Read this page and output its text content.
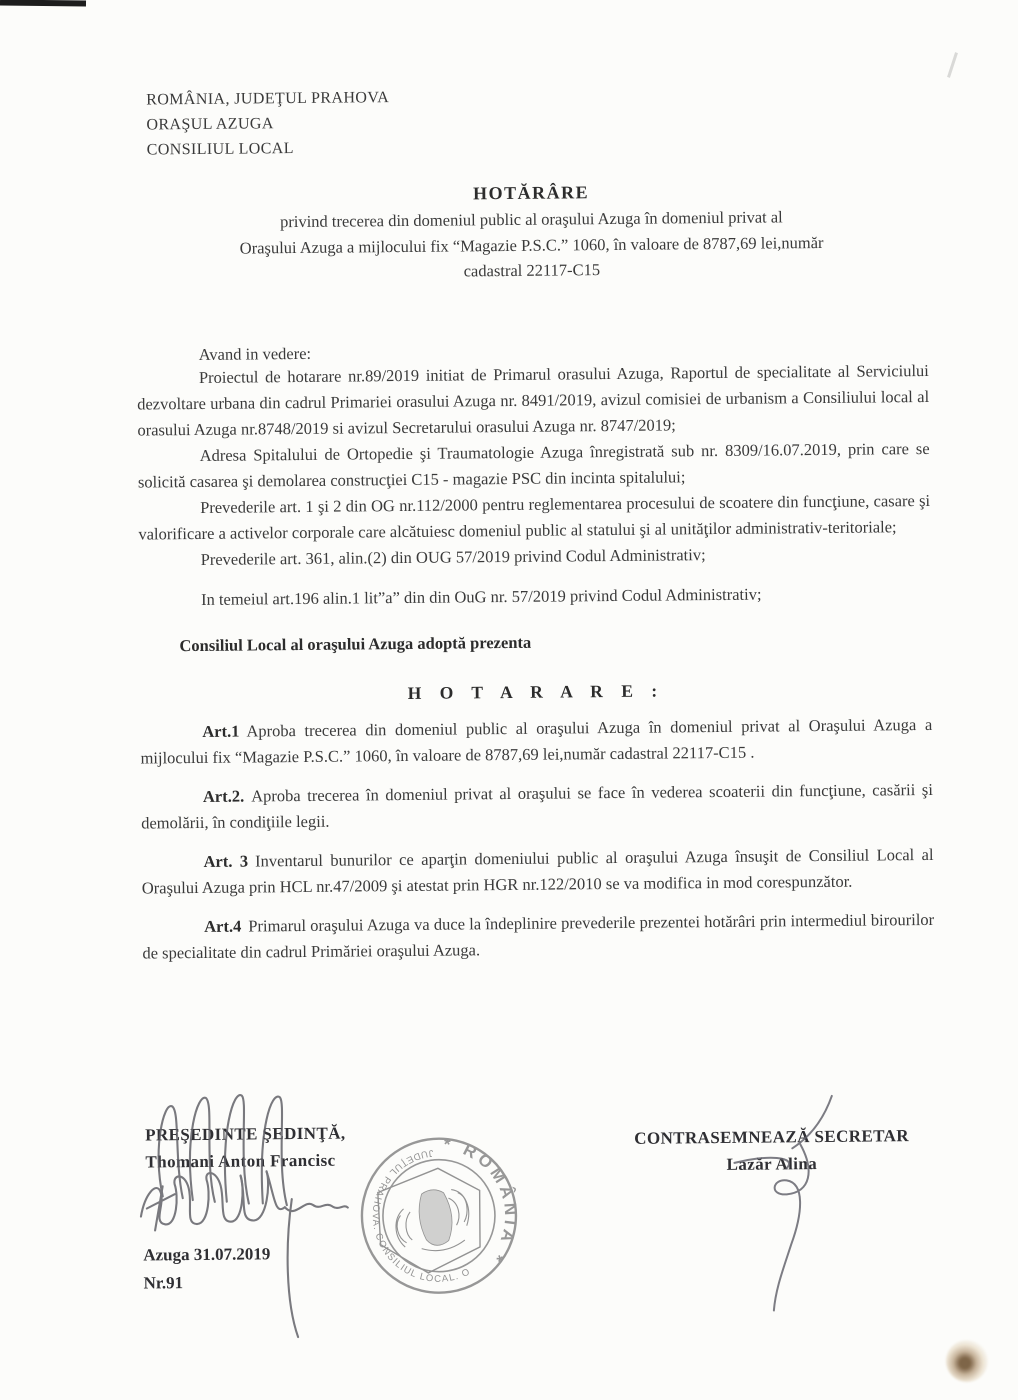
ROMÂNIA, JUDEŢUL PRAHOVA
ORAŞUL AZUGA
CONSILIUL LOCAL
HOTĂRÂRE
privind trecerea din domeniul public al oraşului Azuga în domeniul privat al
Oraşului Azuga a mijlocului fix “Magazie P.S.C.” 1060, în valoare de 8787,69 lei,număr
cadastral 22117-C15
Avand in vedere:

Proiectul de hotarare nr.89/2019 initiat de Primarul orasului Azuga, Raportul de specialitate al Serviciului dezvoltare urbana din cadrul Primariei orasului Azuga nr. 8491/2019, avizul comisiei de urbanism a Consiliului local al orasului Azuga nr.8748/2019 si avizul Secretarului orasului Azuga nr. 8747/2019;

Adresa Spitalului de Ortopedie şi Traumatologie Azuga înregistrată sub nr. 8309/16.07.2019, prin care se solicită casarea şi demolarea construcţiei C15 - magazie PSC din incinta spitalului;

Prevederile art. 1 şi 2 din OG nr.112/2000 pentru reglementarea procesului de scoatere din funcţiune, casare şi valorificare a activelor corporale care alcătuiesc domeniul public al statului şi al unităţilor administrativ-teritoriale;

Prevederile art. 361, alin.(2) din OUG 57/2019 privind Codul Administrativ;

In temeiul art.196 alin.1 lit”a” din din OuG nr. 57/2019 privind Codul Administrativ;

Consiliul Local al oraşului Azuga adoptă prezenta

H O T A R A R E :

Art.1 Aproba trecerea din domeniul public al oraşului Azuga în domeniul privat al Oraşului Azuga a mijlocului fix “Magazie P.S.C.” 1060, în valoare de 8787,69 lei,număr cadastral 22117-C15 .

Art.2. Aproba trecerea în domeniul privat al oraşului se face în vederea scoaterii din funcţiune, casării şi demolării, în condiţiile legii.

Art. 3 Inventarul bunurilor ce aparţin domeniului public al oraşului Azuga însuşit de Consiliul Local al Oraşului Azuga prin HCL nr.47/2009 şi atestat prin HGR nr.122/2010 se va modifica in mod corespunzător.

Art.4 Primarul oraşului Azuga va duce la îndeplinire prevederile prezentei hotărâri prin intermediul birourilor de specialitate din cadrul Primăriei oraşului Azuga.

PREŞEDINTE ŞEDINŢĂ,
Thomani Anton Francisc
CONTRASEMNEAZĂ SECRETAR
Lazăr Alina
Azuga 31.07.2019
Nr.91
JUDEŢUL PRAHOVA. CONSILIUL LOCAL. ORAŞ AZUGA	* ROMÂNIA *
